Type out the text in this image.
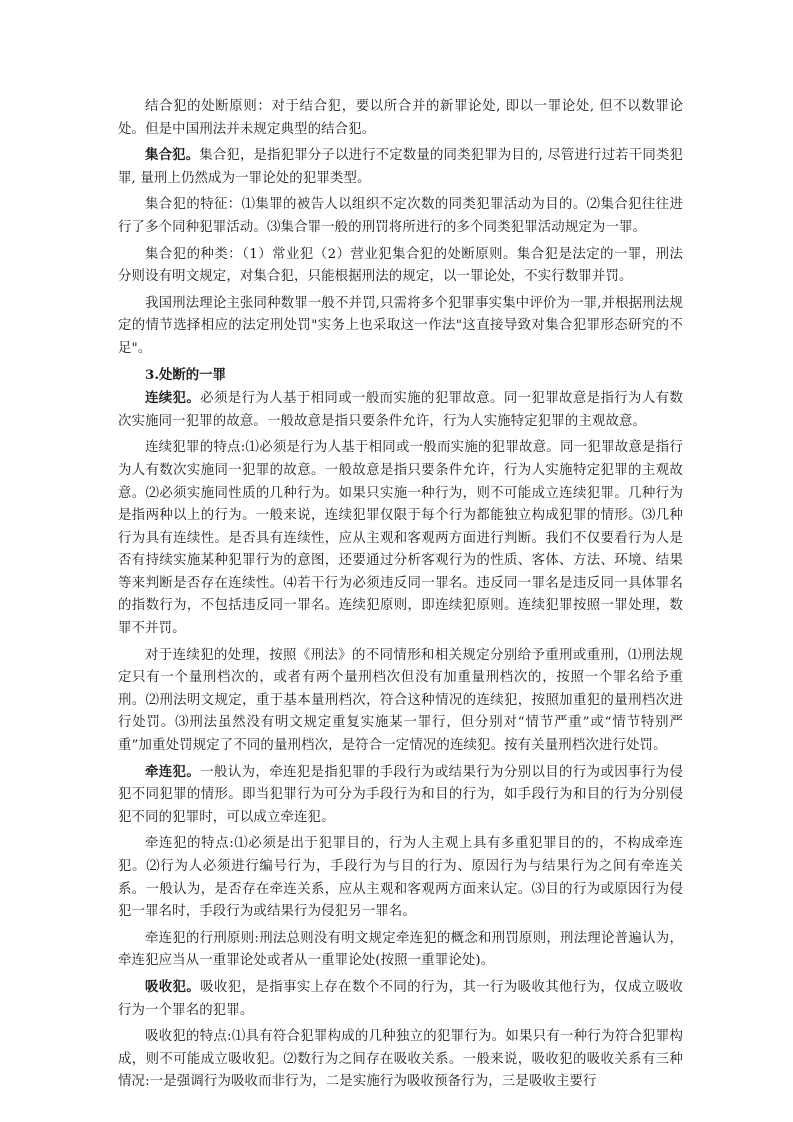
结合犯的处断原则：对于结合犯，要以所合并的新罪论处, 即以一罪论处, 但不以数罪论处。但是中国刑法并未规定典型的结合犯。

集合犯。集合犯，是指犯罪分子以进行不定数量的同类犯罪为目的, 尽管进行过若干同类犯罪, 量刑上仍然成为一罪论处的犯罪类型。

集合犯的特征：⑴集罪的被告人以组织不定次数的同类犯罪活动为目的。⑵集合犯往往进行了多个同种犯罪活动。⑶集合罪一般的刑罚将所进行的多个同类犯罪活动规定为一罪。

集合犯的种类：（1）常业犯（2）营业犯集合犯的处断原则。集合犯是法定的一罪，刑法分则设有明文规定，对集合犯，只能根据刑法的规定，以一罪论处，不实行数罪并罚。

我国刑法理论主张同种数罪一般不并罚,只需将多个犯罪事实集中评价为一罪,并根据刑法规定的情节选择相应的法定刑处罚"实务上也采取这一作法"这直接导致对集合犯罪形态研究的不足"。

3.处断的一罪

连续犯。必须是行为人基于相同或一般而实施的犯罪故意。同一犯罪故意是指行为人有数次实施同一犯罪的故意。一般故意是指只要条件允许，行为人实施特定犯罪的主观故意。

连续犯罪的特点:⑴必须是行为人基于相同或一般而实施的犯罪故意。同一犯罪故意是指行为人有数次实施同一犯罪的故意。一般故意是指只要条件允许，行为人实施特定犯罪的主观故意。⑵必须实施同性质的几种行为。如果只实施一种行为，则不可能成立连续犯罪。几种行为是指两种以上的行为。一般来说，连续犯罪仅限于每个行为都能独立构成犯罪的情形。⑶几种行为具有连续性。是否具有连续性，应从主观和客观两方面进行判断。我们不仅要看行为人是否有持续实施某种犯罪行为的意图，还要通过分析客观行为的性质、客体、方法、环境、结果等来判断是否存在连续性。⑷若干行为必须违反同一罪名。违反同一罪名是违反同一具体罪名的指数行为，不包括违反同一罪名。连续犯原则，即连续犯原则。连续犯罪按照一罪处理，数罪不并罚。

对于连续犯的处理，按照《刑法》的不同情形和相关规定分别给予重刑或重刑，⑴刑法规定只有一个量刑档次的，或者有两个量刑档次但没有加重量刑档次的，按照一个罪名给予重刑。⑵刑法明文规定，重于基本量刑档次，符合这种情况的连续犯，按照加重犯的量刑档次进行处罚。⑶刑法虽然没有明文规定重复实施某一罪行，但分别对“情节严重”或“情节特别严重”加重处罚规定了不同的量刑档次，是符合一定情况的连续犯。按有关量刑档次进行处罚。

牵连犯。一般认为，牵连犯是指犯罪的手段行为或结果行为分别以目的行为或因事行为侵犯不同犯罪的情形。即当犯罪行为可分为手段行为和目的行为，如手段行为和目的行为分别侵犯不同的犯罪时，可以成立牵连犯。

牵连犯的特点:⑴必须是出于犯罪目的，行为人主观上具有多重犯罪目的的，不构成牵连犯。⑵行为人必须进行编号行为，手段行为与目的行为、原因行为与结果行为之间有牵连关系。一般认为，是否存在牵连关系，应从主观和客观两方面来认定。⑶目的行为或原因行为侵犯一罪名时，手段行为或结果行为侵犯另一罪名。

牵连犯的行刑原则:刑法总则没有明文规定牵连犯的概念和刑罚原则，刑法理论普遍认为，牵连犯应当从一重罪论处或者从一重罪论处(按照一重罪论处)。

吸收犯。吸收犯，是指事实上存在数个不同的行为，其一行为吸收其他行为，仅成立吸收行为一个罪名的犯罪。

吸收犯的特点:⑴具有符合犯罪构成的几种独立的犯罪行为。如果只有一种行为符合犯罪构成，则不可能成立吸收犯。⑵数行为之间存在吸收关系。一般来说，吸收犯的吸收关系有三种情况:一是强调行为吸收而非行为，二是实施行为吸收预备行为，三是吸收主要行
